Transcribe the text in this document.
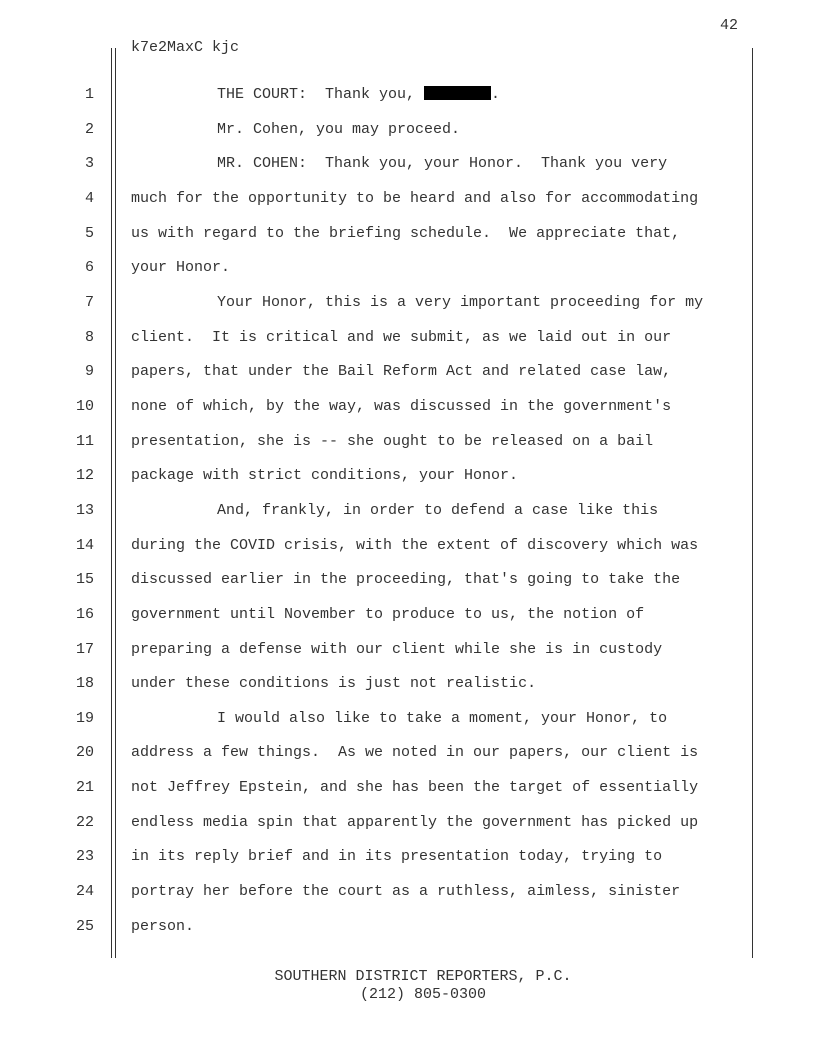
42
k7e2MaxC kjc
1	THE COURT:  Thank you,	.
2	Mr. Cohen, you may proceed.
3	MR. COHEN:  Thank you, your Honor.  Thank you very
4 much for the opportunity to be heard and also for accommodating
5 us with regard to the briefing schedule.  We appreciate that,
6 your Honor.
7	Your Honor, this is a very important proceeding for my
8 client.  It is critical and we submit, as we laid out in our
9 papers, that under the Bail Reform Act and related case law,
10 none of which, by the way, was discussed in the government's
11 presentation, she is -- she ought to be released on a bail
12 package with strict conditions, your Honor.
13	And, frankly, in order to defend a case like this
14 during the COVID crisis, with the extent of discovery which was
15 discussed earlier in the proceeding, that's going to take the
16 government until November to produce to us, the notion of
17 preparing a defense with our client while she is in custody
18 under these conditions is just not realistic.
19	I would also like to take a moment, your Honor, to
20 address a few things.  As we noted in our papers, our client is
21 not Jeffrey Epstein, and she has been the target of essentially
22 endless media spin that apparently the government has picked up
23 in its reply brief and in its presentation today, trying to
24 portray her before the court as a ruthless, aimless, sinister
25 person.
SOUTHERN DISTRICT REPORTERS, P.C.
(212) 805-0300
